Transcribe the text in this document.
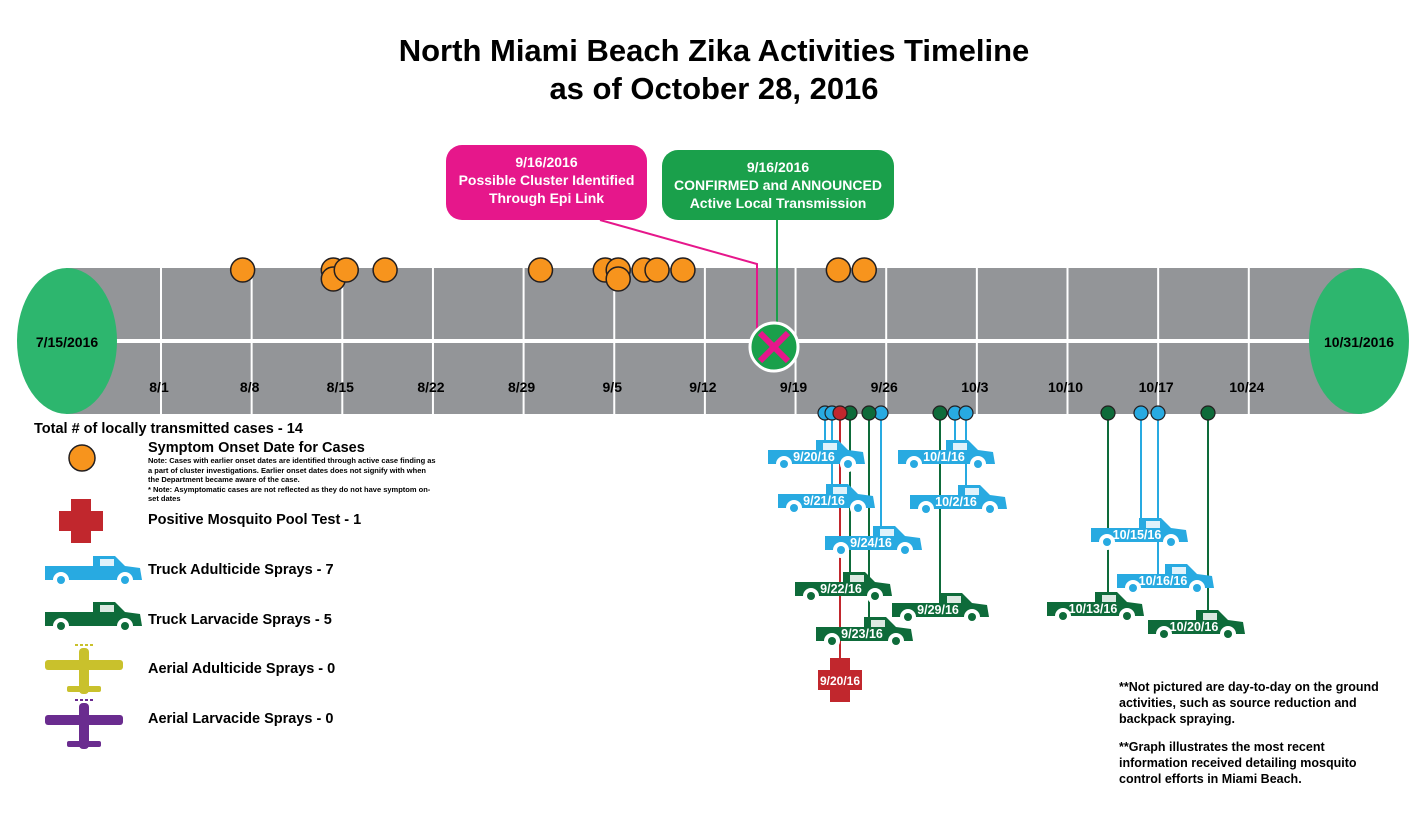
North Miami Beach Zika Activities Timeline
as of October 28, 2016
8/1	8/8	8/15	8/22	8/29	9/5	9/12	9/19	9/26	10/3	10/10	10/17	10/24
7/15/2016	10/31/2016
9/20/16
9/21/16
9/24/16
9/22/16
9/23/16
9/20/16
10/1/16
10/2/16
9/29/16
10/15/16
10/16/16
10/13/16
10/20/16
9/16/2016
Possible Cluster Identified
Through Epi Link
9/16/2016
CONFIRMED and ANNOUNCED
Active Local Transmission
Total # of locally transmitted cases - 14
Symptom Onset Date for Cases
Note: Cases with earlier onset dates are identified through active case finding as a part of cluster investigations. Earlier onset dates does not signify with when the Department became aware of the case.
* Note: Asymptomatic cases are not reflected as they do not have symptom on-set dates
Positive Mosquito Pool Test - 1
Truck Adulticide Sprays - 7
Truck Larvacide Sprays - 5
Aerial Adulticide Sprays - 0
Aerial Larvacide Sprays - 0

**Not pictured are day-to-day on the ground activities, such as source reduction and backpack spraying.

**Graph illustrates the most recent information received detailing mosquito control efforts in Miami Beach.
